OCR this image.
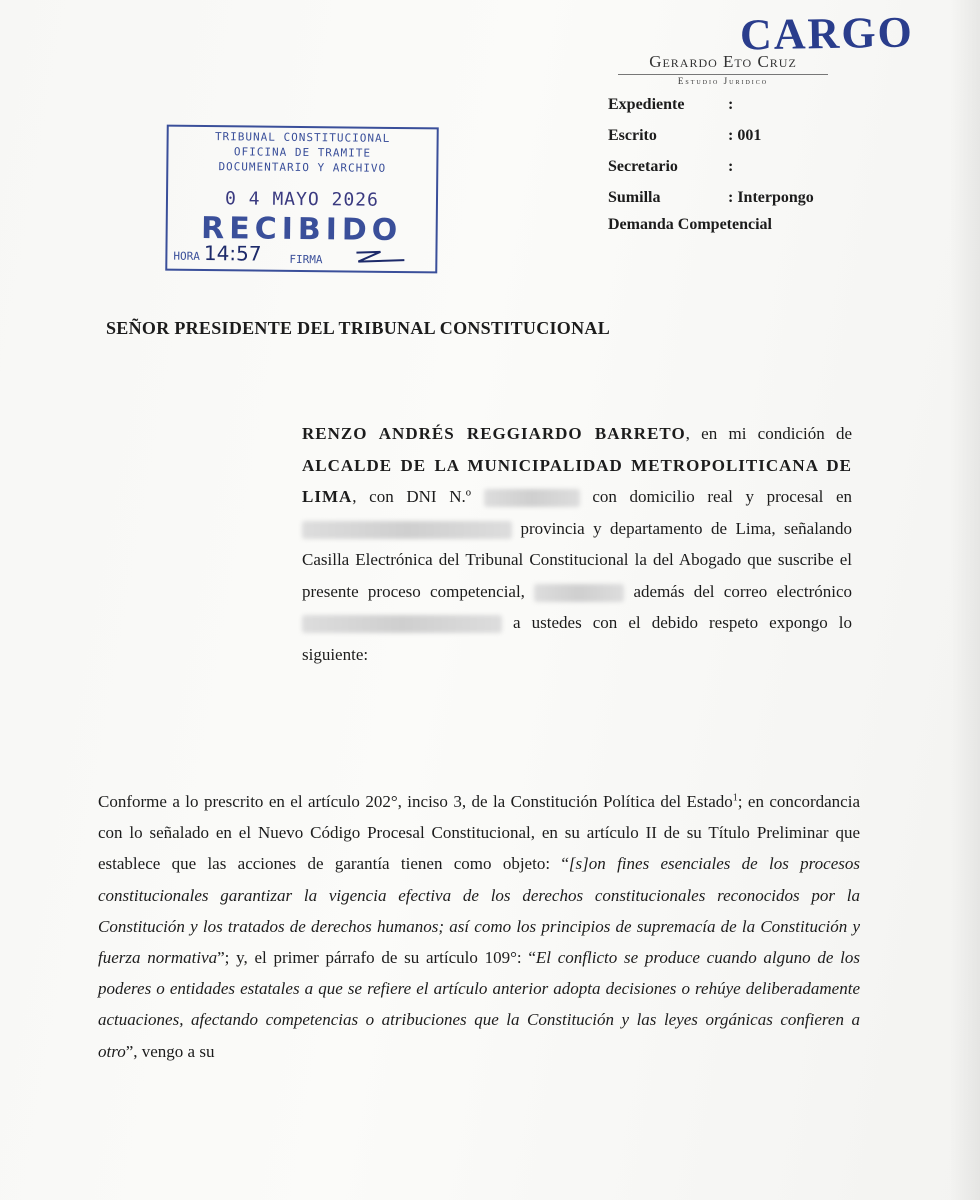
CARGO
Gerardo Eto Cruz
Estudio Juridico
Expediente	:
Escrito	: 001
Secretario	:
Sumilla	: Interpongo
Demanda Competencial
TRIBUNAL CONSTITUCIONAL
OFICINA DE TRAMITE
DOCUMENTARIO Y ARCHIVO
0 4 MAYO 2026
RECIBIDO
HORA 14:57	FIRMA
SEÑOR PRESIDENTE DEL TRIBUNAL CONSTITUCIONAL
RENZO ANDRÉS REGGIARDO BARRETO, en mi condición de ALCALDE DE LA MUNICIPALIDAD METROPOLITICANA DE LIMA, con DNI N.º	con domicilio real y procesal en  provincia y departamento de Lima, señalando Casilla Electrónica del Tribunal Constitucional la del Abogado que suscribe el presente proceso competencial,	además del correo electrónico  a ustedes con el debido respeto expongo lo siguiente:
Conforme a lo prescrito en el artículo 202°, inciso 3, de la Constitución Política del Estado$^1$; en concordancia con lo señalado en el Nuevo Código Procesal Constitucional, en su artículo II de su Título Preliminar que establece que las acciones de garantía tienen como objeto: “[s]on fines esenciales de los procesos constitucionales garantizar la vigencia efectiva de los derechos constitucionales reconocidos por la Constitución y los tratados de derechos humanos; así como los principios de supremacía de la Constitución y fuerza normativa”; y, el primer párrafo de su artículo 109°: “El conflicto se produce cuando alguno de los poderes o entidades estatales a que se refiere el artículo anterior adopta decisiones o rehúye deliberadamente actuaciones, afectando competencias o atribuciones que la Constitución y las leyes orgánicas confieren a otro”, vengo a su
